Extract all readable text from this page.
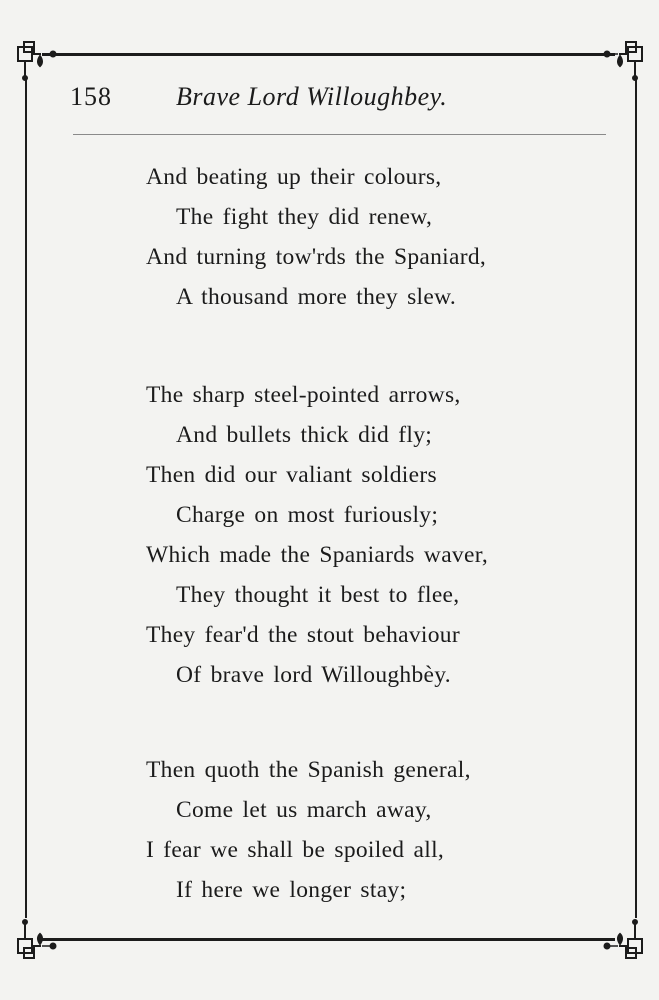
158 Brave Lord Willoughbey.
And beating up their colours,
The fight they did renew,
And turning tow'rds the Spaniard,
A thousand more they slew.
The sharp steel-pointed arrows,
And bullets thick did fly;
Then did our valiant soldiers
Charge on most furiously;
Which made the Spaniards waver,
They thought it best to flee,
They fear'd the stout behaviour
Of brave lord Willoughbèy.
Then quoth the Spanish general,
Come let us march away,
I fear we shall be spoiled all,
If here we longer stay;
